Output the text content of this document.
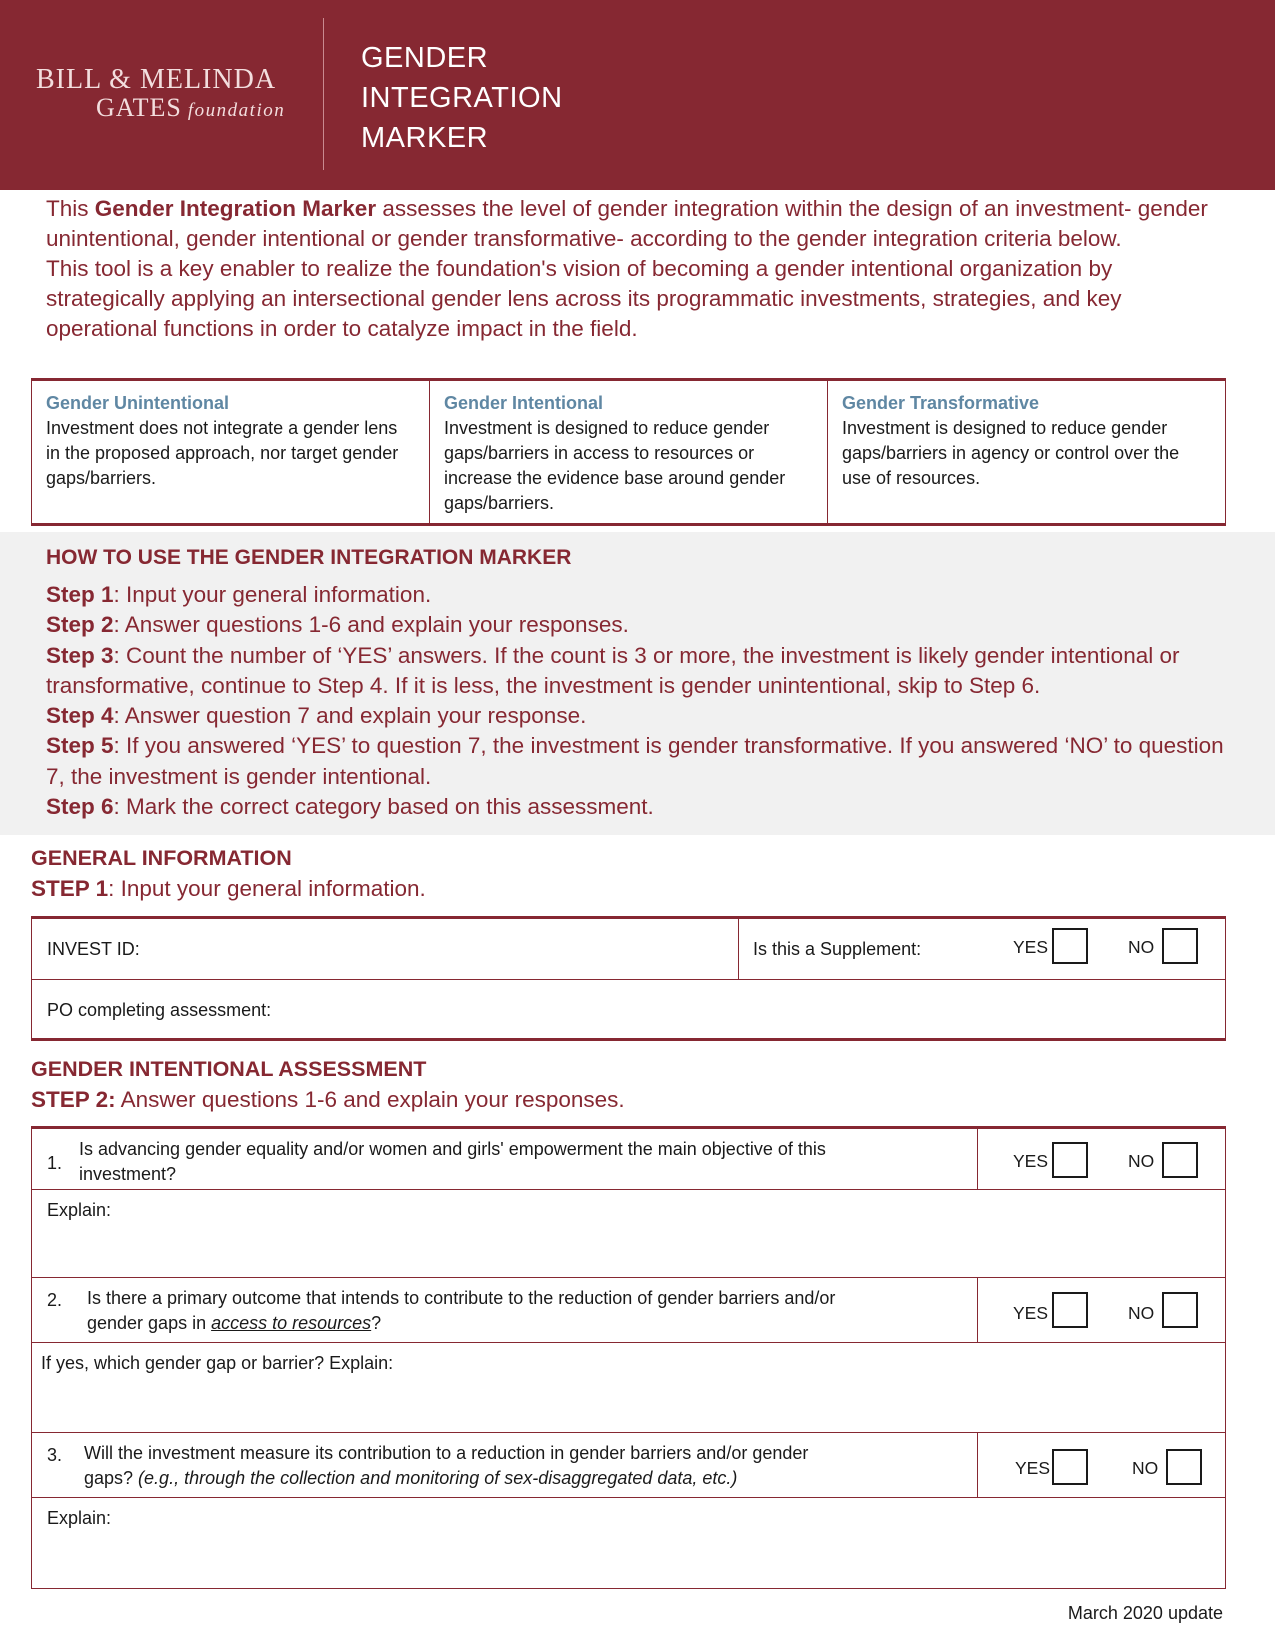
BILL & MELINDA
GATES foundation
GENDER
INTEGRATION
MARKER
This Gender Integration Marker assesses the level of gender integration within the design of an investment- gender unintentional, gender intentional or gender transformative- according to the gender integration criteria below.
This tool is a key enabler to realize the foundation's vision of becoming a gender intentional organization by strategically applying an intersectional gender lens across its programmatic investments, strategies, and key operational functions in order to catalyze impact in the field.
Gender Unintentional
Investment does not integrate a gender lens in the proposed approach, nor target gender gaps/barriers.
Gender Intentional
Investment is designed to reduce gender gaps/barriers in access to resources or increase the evidence base around gender gaps/barriers.
Gender Transformative
Investment is designed to reduce gender gaps/barriers in agency or control over the use of resources.
HOW TO USE THE GENDER INTEGRATION MARKER
Step 1: Input your general information.
Step 2: Answer questions 1-6 and explain your responses.
Step 3: Count the number of ‘YES’ answers. If the count is 3 or more, the investment is likely gender intentional or transformative, continue to Step 4. If it is less, the investment is gender unintentional, skip to Step 6.
Step 4: Answer question 7 and explain your response.
Step 5: If you answered ‘YES’ to question 7, the investment is gender transformative. If you answered ‘NO’ to question 7, the investment is gender intentional.
Step 6: Mark the correct category based on this assessment.
GENERAL INFORMATION
STEP 1: Input your general information.
INVEST ID:	Is this a Supplement:	YES	NO
PO completing assessment:
GENDER INTENTIONAL ASSESSMENT
STEP 2: Answer questions 1-6 and explain your responses.
1.
Is advancing gender equality and/or women and girls' empowerment the main objective of this
investment?
YES	NO
Explain:
2. Is there a primary outcome that intends to contribute to the reduction of gender barriers and/or
gender gaps in access to resources?	YES	NO
If yes, which gender gap or barrier? Explain:
3. Will the investment measure its contribution to a reduction in gender barriers and/or gender
gaps? (e.g., through the collection and monitoring of sex-disaggregated data, etc.)	YES	NO
Explain:
March 2020 update
